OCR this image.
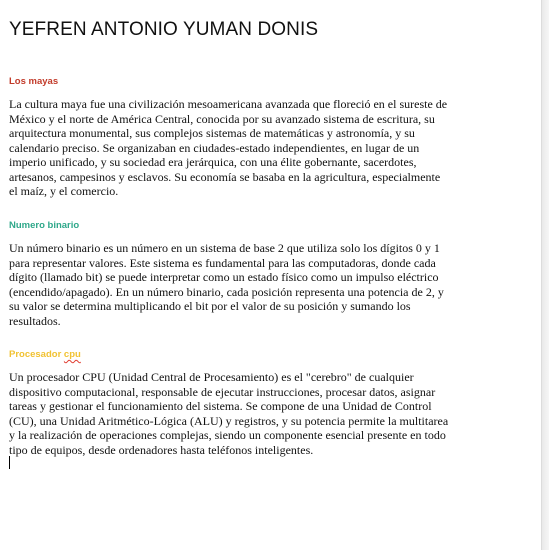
YEFREN ANTONIO YUMAN DONIS
Los mayas

La cultura maya fue una civilización mesoamericana avanzada que floreció en el sureste de
México y el norte de América Central, conocida por su avanzado sistema de escritura, su
arquitectura monumental, sus complejos sistemas de matemáticas y astronomía, y su
calendario preciso. Se organizaban en ciudades-estado independientes, en lugar de un
imperio unificado, y su sociedad era jerárquica, con una élite gobernante, sacerdotes,
artesanos, campesinos y esclavos. Su economía se basaba en la agricultura, especialmente
el maíz, y el comercio.

Numero binario

Un número binario es un número en un sistema de base 2 que utiliza solo los dígitos 0 y 1
para representar valores. Este sistema es fundamental para las computadoras, donde cada
dígito (llamado bit) se puede interpretar como un estado físico como un impulso eléctrico
(encendido/apagado). En un número binario, cada posición representa una potencia de 2, y
su valor se determina multiplicando el bit por el valor de su posición y sumando los
resultados.

Procesador cpu

Un procesador CPU (Unidad Central de Procesamiento) es el "cerebro" de cualquier
dispositivo computacional, responsable de ejecutar instrucciones, procesar datos, asignar
tareas y gestionar el funcionamiento del sistema. Se compone de una Unidad de Control
(CU), una Unidad Aritmético-Lógica (ALU) y registros, y su potencia permite la multitarea
y la realización de operaciones complejas, siendo un componente esencial presente en todo
tipo de equipos, desde ordenadores hasta teléfonos inteligentes.
